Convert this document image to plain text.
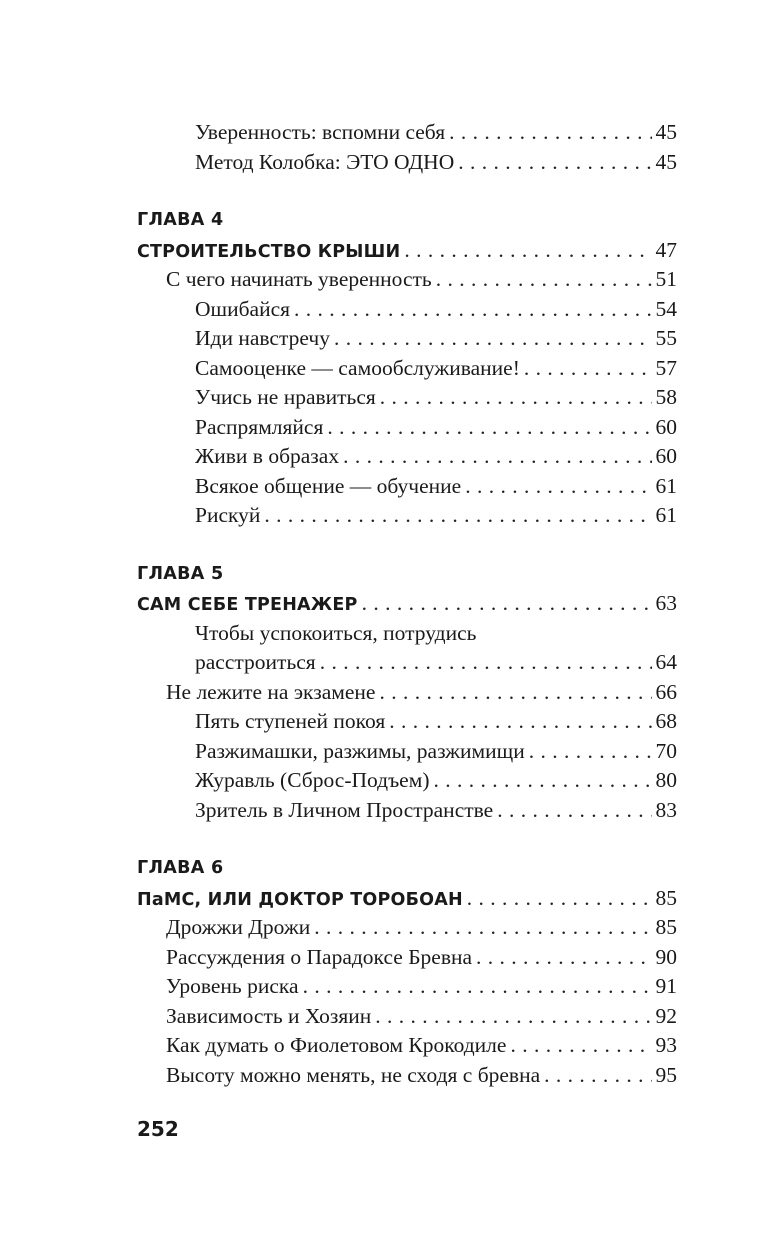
Уверенность: вспомни себя . . .	45
Метод Колобка: ЭТО ОДНО . . .	45
ГЛАВА 4
СТРОИТЕЛЬСТВО КРЫШИ . . .	47
С чего начинать уверенность . . .	51
Ошибайся . . .	54
Иди навстречу . . .	55
Самооценке — самообслуживание! . . .	57
Учись не нравиться . . .	58
Распрямляйся . . .	60
Живи в образах . . .	60
Всякое общение — обучение . . .	61
Рискуй . . .	61
ГЛАВА 5
САМ СЕБЕ ТРЕНАЖЕР . . .	63
Чтобы успокоиться, потрудись
расстроиться . . .	64
Не лежите на экзамене . . .	66
Пять ступеней покоя . . .	68
Разжимашки, разжимы, разжимищи . . .	70
Журавль (Сброс-Подъем) . . .	80
Зритель в Личном Пространстве . . .	83
ГЛАВА 6
ПаМС, ИЛИ ДОКТОР ТОРОБОАН . . .	85
Дрожжи Дрожи . . .	85
Рассуждения о Парадоксе Бревна . . .	90
Уровень риска . . .	91
Зависимость и Хозяин . . .	92
Как думать о Фиолетовом Крокодиле . . .	93
Высоту можно менять, не сходя с бревна . . .	95
252
